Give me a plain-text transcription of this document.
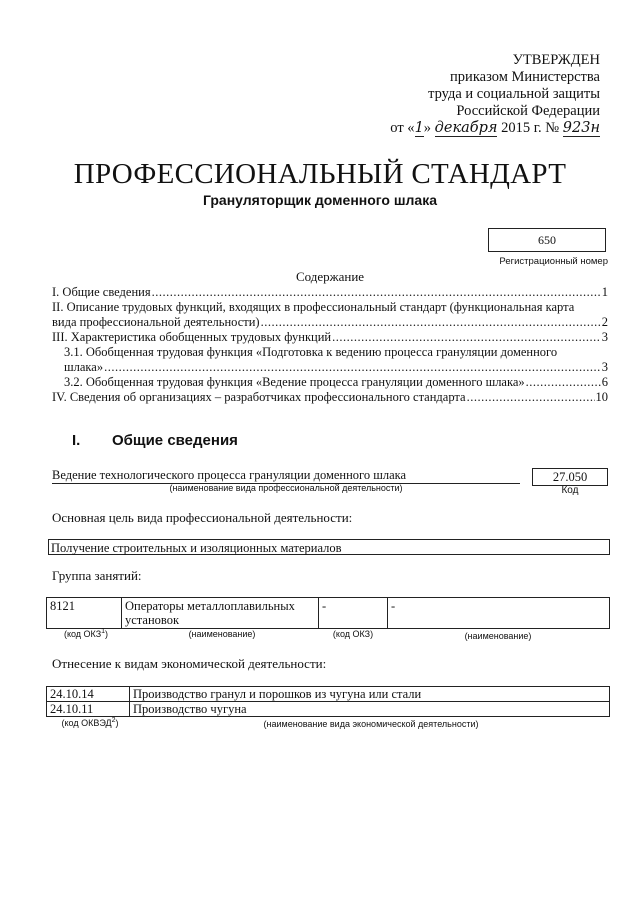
УТВЕРЖДЕН
приказом Министерства
труда и социальной защиты
Российской Федерации
от «1» декабря 2015 г. № 923н
ПРОФЕССИОНАЛЬНЫЙ СТАНДАРТ
Грануляторщик доменного шлака
650
Регистрационный номер
Содержание
I. Общие сведения .....	1
II. Описание трудовых функций, входящих в профессиональный стандарт (функциональная карта
вида профессиональной деятельности) .....	2
III. Характеристика обобщенных трудовых функций .....	3
3.1. Обобщенная трудовая функция «Подготовка к ведению процесса грануляции доменного
шлака» .....	3
3.2. Обобщенная трудовая функция «Ведение процесса грануляции доменного шлака» .....	6
IV. Сведения об организациях – разработчиках профессионального стандарта .....	10
I. Общие сведения
Ведение технологического процесса грануляции доменного шлака
(наименование вида профессиональной деятельности)
27.050
Код
Основная цель вида профессиональной деятельности:
Получение строительных и изоляционных материалов
Группа занятий:
8121	Операторы металлоплавильных установок	-	-
(код ОКЗ$^1$)	(наименование)	(код ОКЗ)	(наименование)
Отнесение к видам экономической деятельности:
24.10.14	Производство гранул и порошков из чугуна или стали
24.10.11	Производство чугуна
(код ОКВЭД$^2$)	(наименование вида экономической деятельности)
